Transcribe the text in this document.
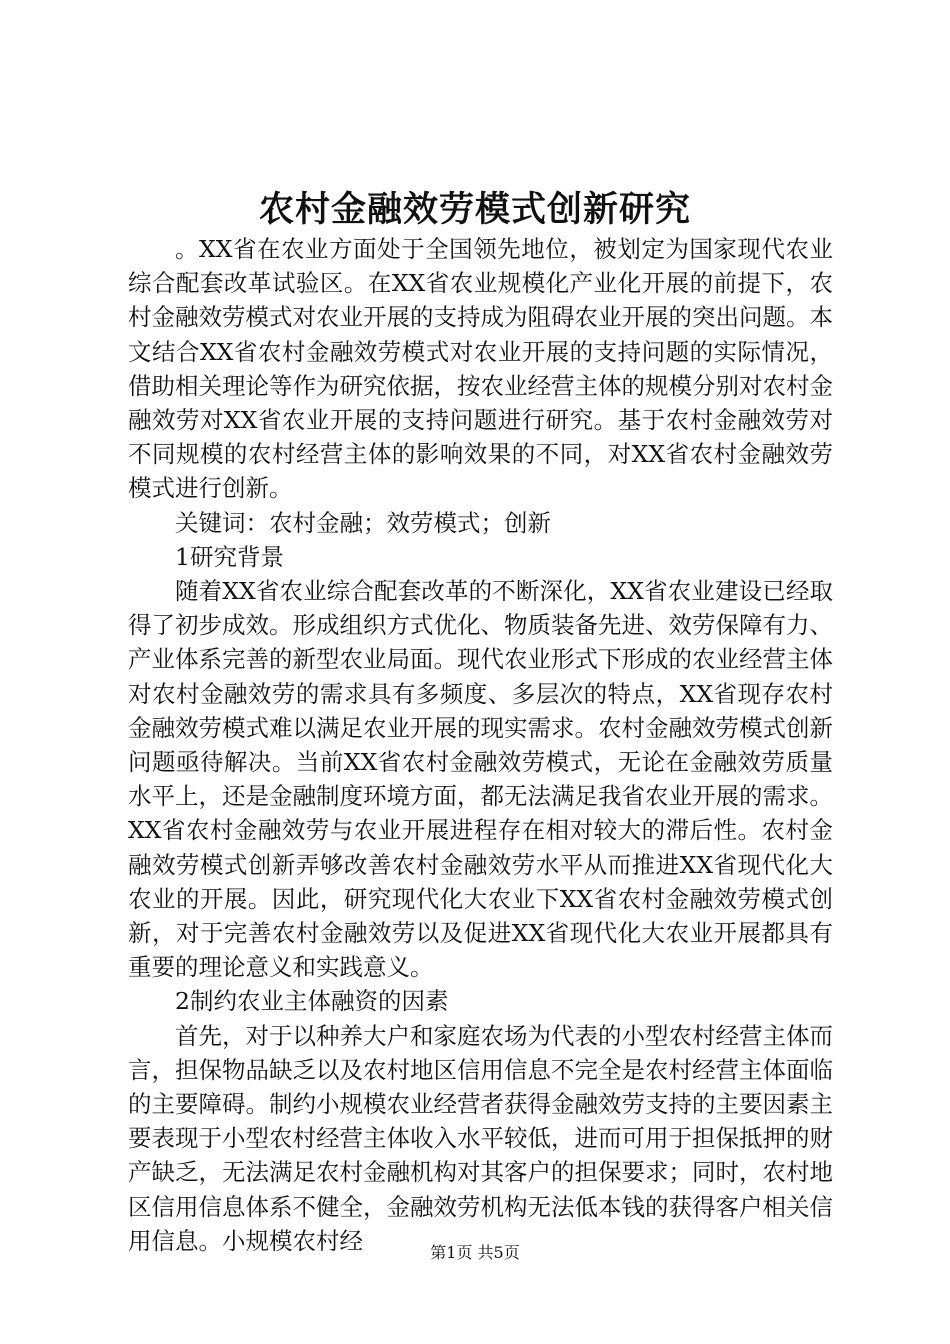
农村金融效劳模式创新研究

。XX省在农业方面处于全国领先地位，被划定为国家现代农业综合配套改革试验区。在XX省农业规模化产业化开展的前提下，农村金融效劳模式对农业开展的支持成为阻碍农业开展的突出问题。本文结合XX省农村金融效劳模式对农业开展的支持问题的实际情况，借助相关理论等作为研究依据，按农业经营主体的规模分别对农村金融效劳对XX省农业开展的支持问题进行研究。基于农村金融效劳对不同规模的农村经营主体的影响效果的不同，对XX省农村金融效劳模式进行创新。

关键词：农村金融；效劳模式；创新

1研究背景

随着XX省农业综合配套改革的不断深化，XX省农业建设已经取得了初步成效。形成组织方式优化、物质装备先进、效劳保障有力、产业体系完善的新型农业局面。现代农业形式下形成的农业经营主体对农村金融效劳的需求具有多频度、多层次的特点，XX省现存农村金融效劳模式难以满足农业开展的现实需求。农村金融效劳模式创新问题亟待解决。当前XX省农村金融效劳模式，无论在金融效劳质量水平上，还是金融制度环境方面，都无法满足我省农业开展的需求。XX省农村金融效劳与农业开展进程存在相对较大的滞后性。农村金融效劳模式创新弄够改善农村金融效劳水平从而推进XX省现代化大农业的开展。因此，研究现代化大农业下XX省农村金融效劳模式创新，对于完善农村金融效劳以及促进XX省现代化大农业开展都具有重要的理论意义和实践意义。

2制约农业主体融资的因素

首先，对于以种养大户和家庭农场为代表的小型农村经营主体而言，担保物品缺乏以及农村地区信用信息不完全是农村经营主体面临的主要障碍。制约小规模农业经营者获得金融效劳支持的主要因素主要表现于小型农村经营主体收入水平较低，进而可用于担保抵押的财产缺乏，无法满足农村金融机构对其客户的担保要求；同时，农村地区信用信息体系不健全，金融效劳机构无法低本钱的获得客户相关信用信息。小规模农村经	第1页 共5页
